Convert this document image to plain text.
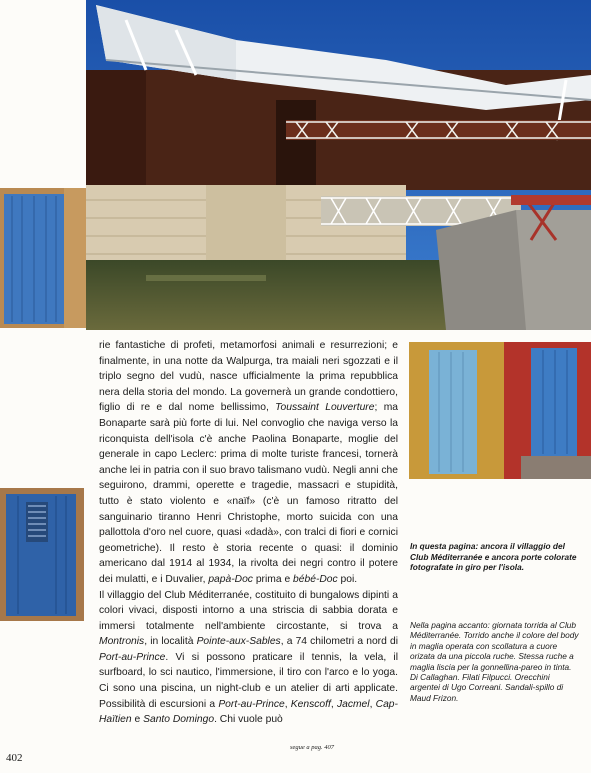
rie fantastiche di profeti, metamorfosi animali e resurrezioni; e finalmente, in una notte da Walpurga, tra maiali neri sgozzati e il triplo segno del vudù, nasce ufficialmente la prima repubblica nera della storia del mondo. La governerà un grande condottiero, figlio di re e dal nome bellissimo, Toussaint Louverture; ma Bonaparte sarà più forte di lui. Nel convoglio che naviga verso la riconquista dell'isola c'è anche Paolina Bonaparte, moglie del generale in capo Leclerc: prima di molte turiste francesi, tornerà anche lei in patria con il suo bravo talismano vudù. Negli anni che seguirono, drammi, operette e tragedie, massacri e stupidità, tutto è stato violento e «naïf» (c'è un famoso ritratto del sanguinario tiranno Henri Christophe, morto suicida con una pallottola d'oro nel cuore, quasi «dadà», con tralci di fiori e cornici geometriche). Il resto è storia recente o quasi: il dominio americano dal 1914 al 1934, la rivolta dei negri contro il potere dei mulatti, e i Duvalier, papà-Doc prima e bébé-Doc poi.

Il villaggio del Club Méditerranée, costituito di bungalows dipinti a colori vivaci, disposti intorno a una striscia di sabbia dorata e immersi totalmente nell'ambiente circostante, si trova a Montronis, in località Pointe-aux-Sables, a 74 chilometri a nord di Port-au-Prince. Vi si possono praticare il tennis, la vela, il surfboard, lo sci nautico, l'immersione, il tiro con l'arco e lo yoga. Ci sono una piscina, un night-club e un atelier di arti applicate. Possibilità di escursioni a Port-au-Prince, Kenscoff, Jacmel, Cap-Haïtien e Santo Domingo. Chi vuole può

In questa pagina: ancora il villaggio del Club Méditerranée e ancora porte colorate fotografate in giro per l'isola.
Nella pagina accanto: giornata torrida al Club Méditerranée. Torrido anche il colore del body in maglia operata con scollatura a cuore orizata da una piccola ruche. Stessa ruche a maglia liscia per la gonnellina-pareo in tinta. Di Callaghan. Filati Filpucci. Orecchini argentei di Ugo Correani. Sandali-spillo di Maud Frizon.
402
segue a pag. 407
